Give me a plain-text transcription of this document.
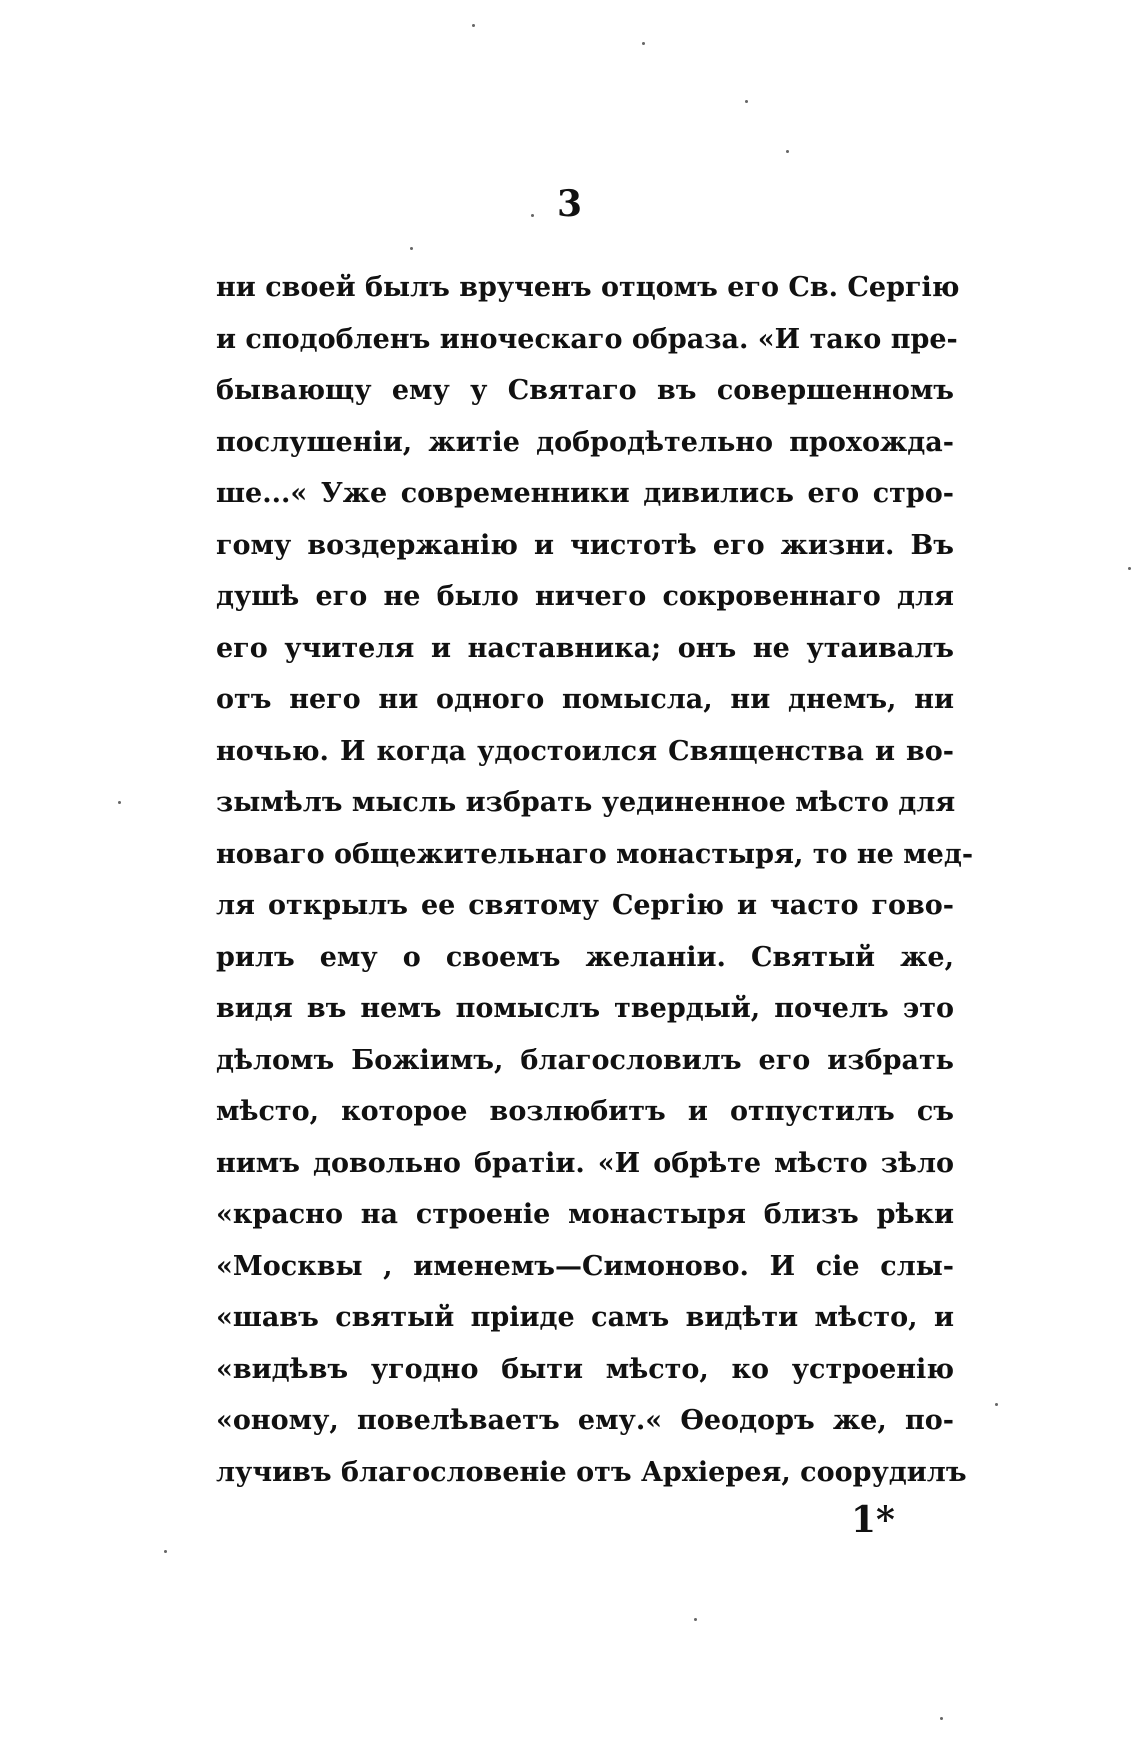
3
ни своей былъ врученъ отцомъ его Св. Сергію
и сподобленъ иноческаго образа. «И тако пре-
бывающу ему у Святаго въ совершенномъ
послушеніи, житіе добродѣтельно прохожда-
ше...« Уже современники дивились его стро-
гому воздержанію и чистотѣ его жизни. Въ
душѣ его не было ничего сокровеннаго для
его учителя и наставника; онъ не утаивалъ
отъ него ни одного помысла, ни днемъ, ни
ночью. И когда удостоился Священства и во-
зымѣлъ мысль избрать уединенное мѣсто для
новаго общежительнаго монастыря, то не мед-
ля открылъ ее святому Сергію и часто гово-
рилъ ему о своемъ желаніи. Святый же,
видя въ немъ помыслъ твердый, почелъ это
дѣломъ Божіимъ, благословилъ его избрать
мѣсто, которое возлюбитъ и отпустилъ съ
нимъ довольно братіи. «И обрѣте мѣсто зѣло
«красно на строеніе монастыря близъ рѣки
«Москвы , именемъ—Симоново. И сіе слы-
«шавъ святый пріиде самъ видѣти мѣсто, и
«видѣвъ угодно быти мѣсто, ко устроенію
«оному, повелѣваетъ ему.« Ѳеодоръ же, по-
лучивъ благословеніе отъ Архіерея, соорудилъ
1*
